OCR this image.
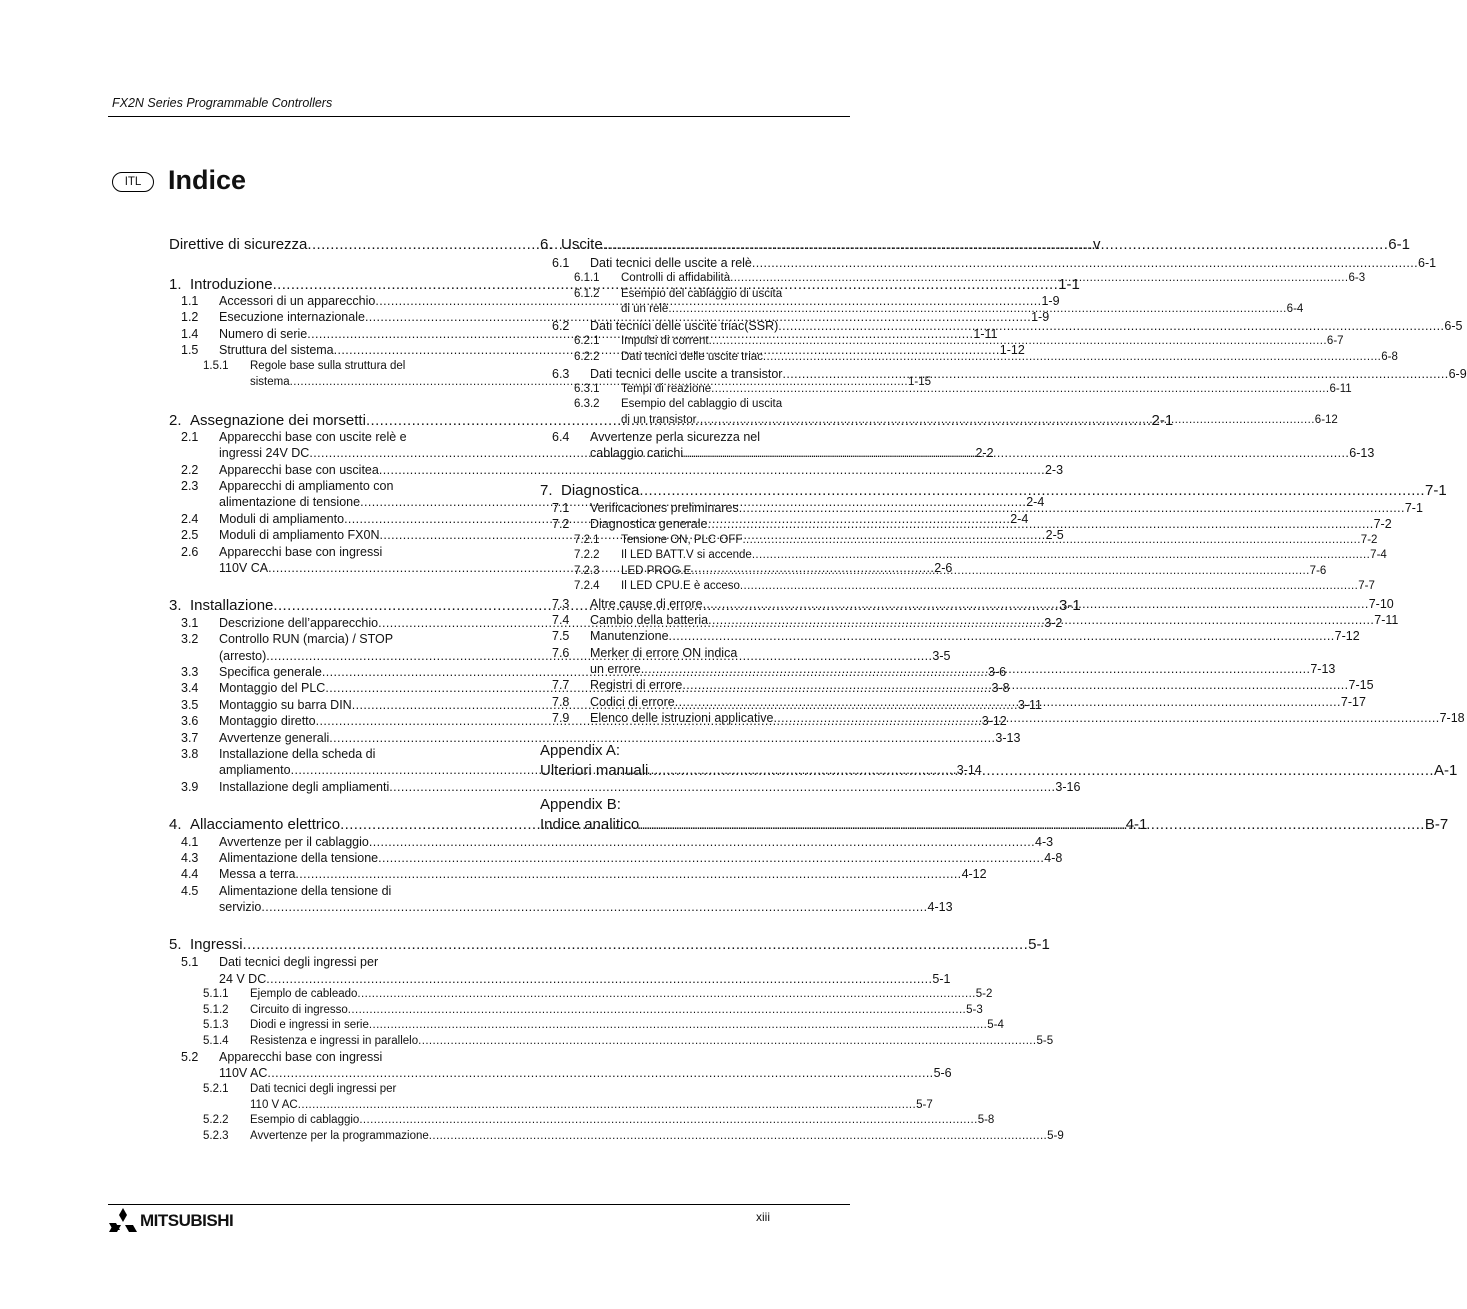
FX2N Series Programmable Controllers
ITL Indice
Direttive di sicurezza .....	v
1. Introduzione .....	1-1
1.1	Accessori di un apparecchio .....	1-9
1.2	Esecuzione internazionale .....	1-9
1.4	Numero di serie .....	1-11
1.5	Struttura del sistema .....	1-12
1.5.1	Regole base sulla struttura del

sistema .....	1-15
2. Assegnazione dei morsetti .....	2-1
2.1	Apparecchi base con uscite relè e

ingressi 24V DC .....	2-2
2.2	Apparecchi base con uscitea .....	2-3
2.3	Apparecchi di ampliamento con

alimentazione di tensione .....	2-4
2.4	Moduli di ampliamento .....	2-4
2.5	Moduli di ampliamento FX0N .....	2-5
2.6	Apparecchi base con ingressi

110V CA .....	2-6
3. Installazione .....	3-1
3.1	Descrizione dell’apparecchio .....	3-2
3.2	Controllo RUN (marcia) / STOP

(arresto) .....	3-5
3.3	Specifica generale .....	3-6
3.4	Montaggio del PLC .....	3-8
3.5	Montaggio su barra DIN .....	3-11
3.6	Montaggio diretto .....	3-12
3.7	Avvertenze generali .....	3-13
3.8	Installazione della scheda di

ampliamento .....	3-14
3.9	Installazione degli ampliamenti .....	3-16
4. Allacciamento elettrico .....	4-1
4.1	Avvertenze per il cablaggio .....	4-3
4.3	Alimentazione della tensione .....	4-8
4.4	Messa a terra .....	4-12
4.5	Alimentazione della tensione di

servizio .....	4-13
5. Ingressi .....	5-1
5.1	Dati tecnici degli ingressi per

24 V DC .....	5-1
5.1.1	Ejemplo de cableado .....	5-2
5.1.2	Circuito di ingresso .....	5-3
5.1.3	Diodi e ingressi in serie .....	5-4
5.1.4	Resistenza e ingressi in parallelo .....	5-5
5.2	Apparecchi base con ingressi

110V AC .....	5-6
5.2.1	Dati tecnici degli ingressi per

110 V AC .....	5-7
5.2.2	Esempio di cablaggio .....	5-8
5.2.3	Avvertenze per la programmazione .....	5-9
6. Uscite .....	6-1
6.1	Dati tecnici delle uscite a relè .....	6-1
6.1.1	Controlli di affidabilità .....	6-3
6.1.2	Esempio del cablaggio di uscita

di un relè .....	6-4
6.2	Dati tecnici delle uscite triac(SSR) .....	6-5
6.2.1	Impulsi di corrent .....	6-7
6.2.2	Dati tecnici delle uscite triac .....	6-8
6.3	Dati tecnici delle uscite a transistor .....	6-9
6.3.1	Tempi di reazione .....	6-11
6.3.2	Esempio del cablaggio di uscita

di un transistor .....	6-12
6.4	Avvertenze perla sicurezza nel

cablaggio carichi .....	6-13
7. Diagnostica .....	7-1
7.1	Verificaciones preliminares .....	7-1
7.2	Diagnostica generale .....	7-2
7.2.1	Tensione ON, PLC OFF .....	7-2
7.2.2	Il LED BATT.V si accende .....	7-4
7.2.3	LED PROG.E .....	7-6
7.2.4	Il LED CPU.E è acceso .....	7-7
7.3	Altre cause di errore .....	7-10
7.4	Cambio della batteria .....	7-11
7.5	Manutenzione .....	7-12
7.6	Merker di errore ON indica

un errore. .....	7-13
7.7	Registri di errore .....	7-15
7.8	Codici di errore .....	7-17
7.9	Elenco delle istruzioni applicative .....	7-18
Appendix A:
Ulteriori manuali .....	A-1
Appendix B:
Indice analitico .....	B-7
MITSUBISHI	xiii
